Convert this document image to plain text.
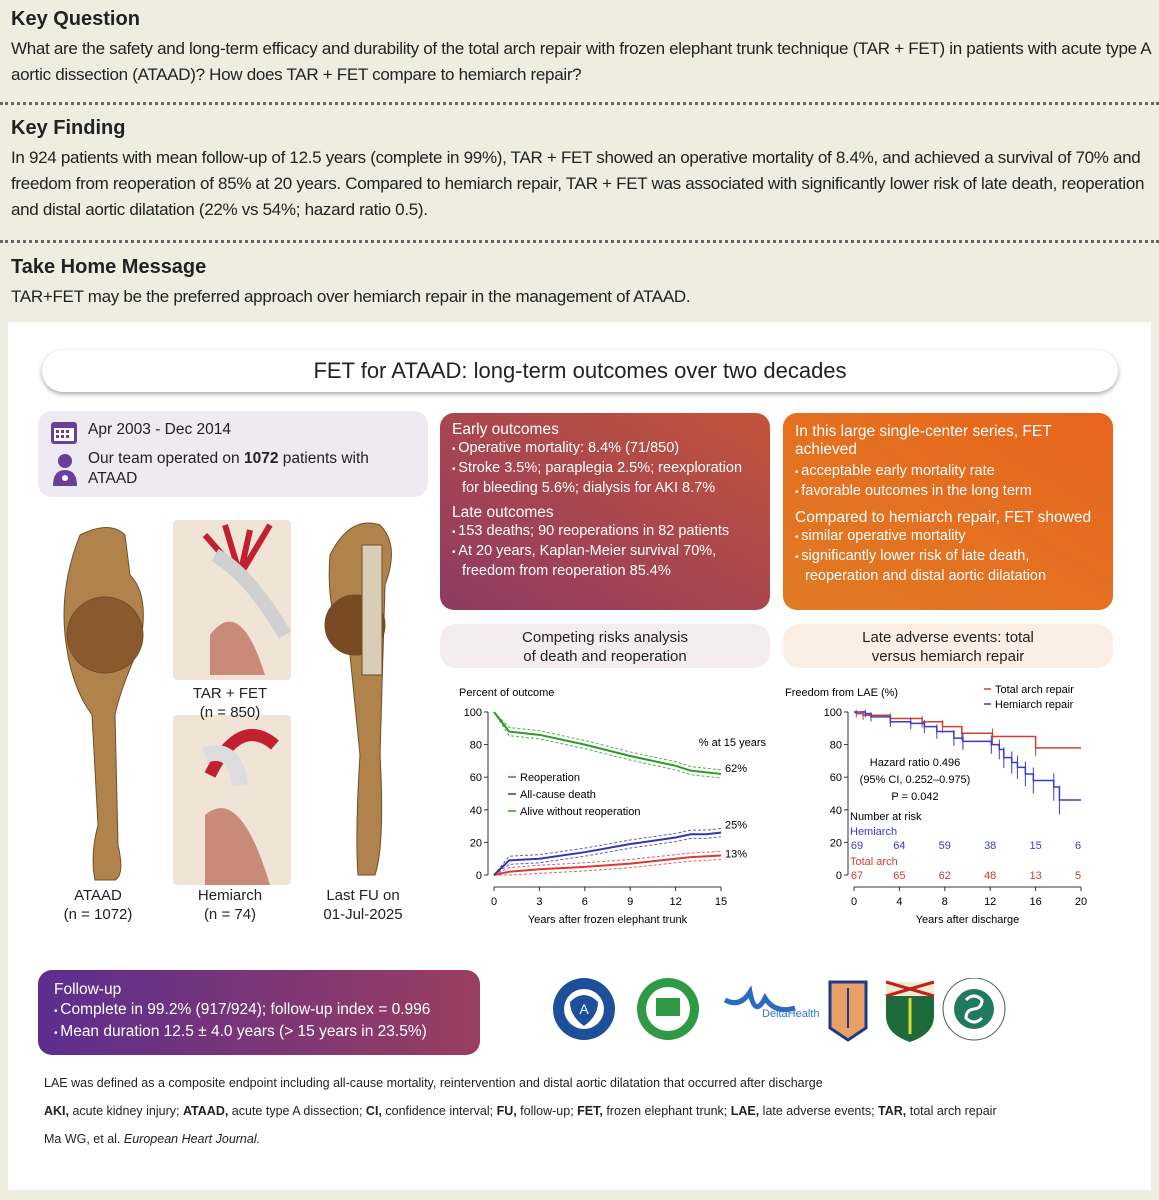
Key Question
What are the safety and long-term efficacy and durability of the total arch repair with frozen elephant trunk technique (TAR + FET) in patients with acute type A aortic dissection (ATAAD)? How does TAR + FET compare to hemiarch repair?
Key Finding
In 924 patients with mean follow-up of 12.5 years (complete in 99%), TAR + FET showed an operative mortality of 8.4%, and achieved a survival of 70% and freedom from reoperation of 85% at 20 years. Compared to hemiarch repair, TAR + FET was associated with significantly lower risk of late death, reoperation and distal aortic dilatation (22% vs 54%; hazard ratio 0.5).
Take Home Message
TAR+FET may be the preferred approach over hemiarch repair in the management of ATAAD.
FET for ATAAD: long-term outcomes over two decades
Apr 2003 - Dec 2014
Our team operated on 1072 patients with ATAAD
ATAAD
(n = 1072)
TAR + FET
(n = 850)
Hemiarch
(n = 74)
Last FU on
01-Jul-2025
Early outcomes
• Operative mortality: 8.4% (71/850)
• Stroke 3.5%; paraplegia 2.5%; reexploration for bleeding 5.6%; dialysis for AKI 8.7%
Late outcomes
• 153 deaths; 90 reoperations in 82 patients
• At 20 years, Kaplan-Meier survival 70%, freedom from reoperation 85.4%
In this large single-center series, FET achieved
• acceptable early mortality rate
• favorable outcomes in the long term
Compared to hemiarch repair, FET showed
• similar operative mortality
• significantly lower risk of late death, reoperation and distal aortic dilatation
Competing risks analysis of death and reoperation
Late adverse events: total versus hemiarch repair
0
20
40
60
80
100
0	3	6	9	12	15
Years after frozen elephant trunk
Percent of outcome
13%
Reoperation
25%
All-cause death
62%
Alive without reoperation
% at 15 years
0
20
40
60
80
100
0	4	8	12	16	20
Years after discharge
Freedom from LAE (%)	Total arch repair
Hemiarch repair
Hazard ratio 0.496
(95% CI, 0.252–0.975)
P = 0.042
Number at risk
Hemiarch
69	64	59	38	15	6
Total arch
67	65	62	48	13	5
Follow-up
• Complete in 99.2% (917/924); follow-up index = 0.996
• Mean duration 12.5 ± 4.0 years (> 15 years in 23.5%)
A	DeltaHealth
LAE was defined as a composite endpoint including all-cause mortality, reintervention and distal aortic dilatation that occurred after discharge
AKI, acute kidney injury; ATAAD, acute type A dissection; CI, confidence interval; FU, follow-up; FET, frozen elephant trunk; LAE, late adverse events; TAR, total arch repair
Ma WG, et al. European Heart Journal.
